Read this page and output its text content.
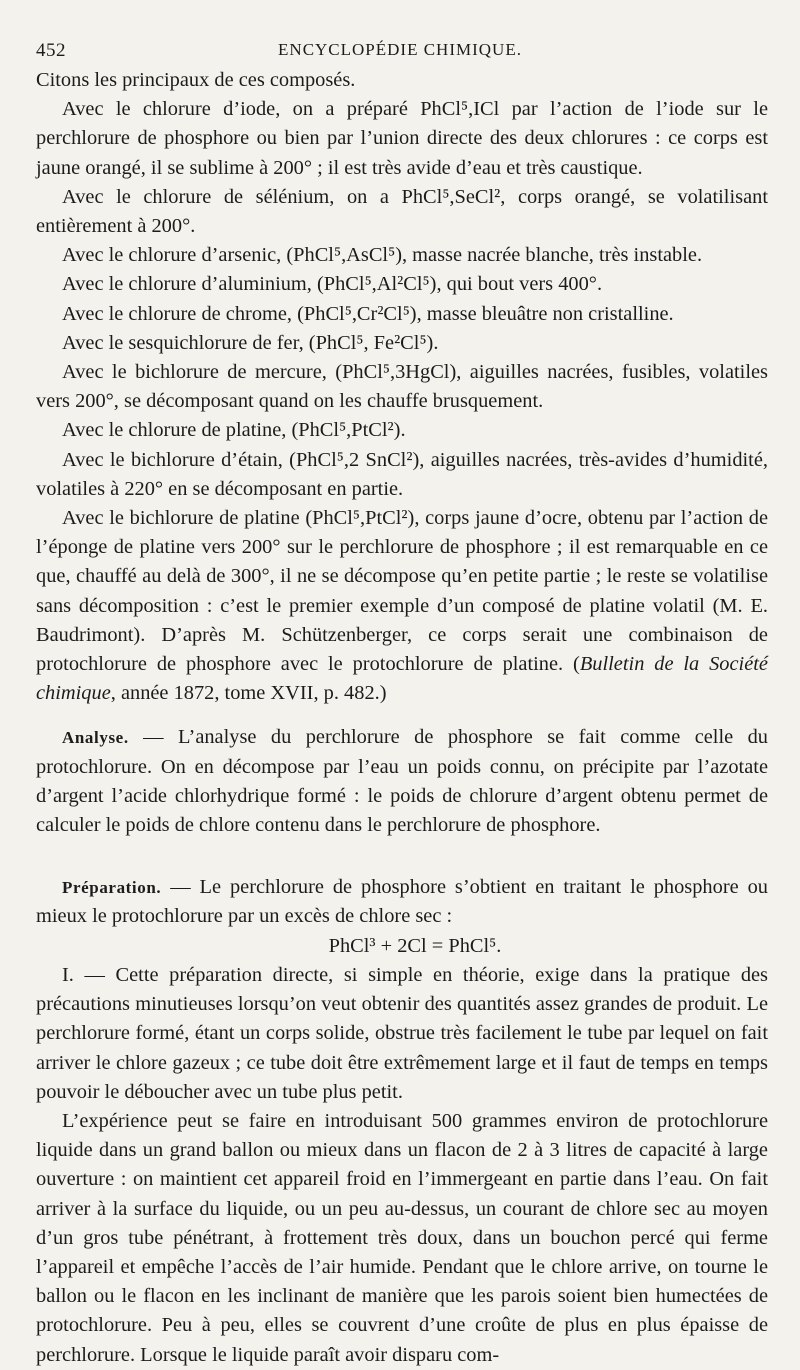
452	ENCYCLOPÉDIE CHIMIQUE.

Citons les principaux de ces composés.

Avec le chlorure d’iode, on a préparé PhCl⁵,ICl par l’action de l’iode sur le perchlorure de phosphore ou bien par l’union directe des deux chlorures : ce corps est jaune orangé, il se sublime à 200° ; il est très avide d’eau et très caustique.

Avec le chlorure de sélénium, on a PhCl⁵,SeCl², corps orangé, se volatilisant entièrement à 200°.

Avec le chlorure d’arsenic, (PhCl⁵,AsCl⁵), masse nacrée blanche, très instable.

Avec le chlorure d’aluminium, (PhCl⁵,Al²Cl⁵), qui bout vers 400°.

Avec le chlorure de chrome, (PhCl⁵,Cr²Cl⁵), masse bleuâtre non cristalline.

Avec le sesquichlorure de fer, (PhCl⁵, Fe²Cl⁵).

Avec le bichlorure de mercure, (PhCl⁵,3HgCl), aiguilles nacrées, fusibles, volatiles vers 200°, se décomposant quand on les chauffe brusquement.

Avec le chlorure de platine, (PhCl⁵,PtCl²).

Avec le bichlorure d’étain, (PhCl⁵,2 SnCl²), aiguilles nacrées, très-avides d’humidité, volatiles à 220° en se décomposant en partie.

Avec le bichlorure de platine (PhCl⁵,PtCl²), corps jaune d’ocre, obtenu par l’action de l’éponge de platine vers 200° sur le perchlorure de phosphore ; il est remarquable en ce que, chauffé au delà de 300°, il ne se décompose qu’en petite partie ; le reste se volatilise sans décomposition : c’est le premier exemple d’un composé de platine volatil (M. E. Baudrimont). D’après M. Schützenberger, ce corps serait une combinaison de protochlorure de phosphore avec le protochlorure de platine. (Bulletin de la Société chimique, année 1872, tome XVII, p. 482.)

Analyse. — L’analyse du perchlorure de phosphore se fait comme celle du protochlorure. On en décompose par l’eau un poids connu, on précipite par l’azotate d’argent l’acide chlorhydrique formé : le poids de chlorure d’argent obtenu permet de calculer le poids de chlore contenu dans le perchlorure de phosphore.

Préparation. — Le perchlorure de phosphore s’obtient en traitant le phosphore ou mieux le protochlorure par un excès de chlore sec :

PhCl³ + 2Cl = PhCl⁵.

I. — Cette préparation directe, si simple en théorie, exige dans la pratique des précautions minutieuses lorsqu’on veut obtenir des quantités assez grandes de produit. Le perchlorure formé, étant un corps solide, obstrue très facilement le tube par lequel on fait arriver le chlore gazeux ; ce tube doit être extrêmement large et il faut de temps en temps pouvoir le déboucher avec un tube plus petit.

L’expérience peut se faire en introduisant 500 grammes environ de protochlorure liquide dans un grand ballon ou mieux dans un flacon de 2 à 3 litres de capacité à large ouverture : on maintient cet appareil froid en l’immergeant en partie dans l’eau. On fait arriver à la surface du liquide, ou un peu au-dessus, un courant de chlore sec au moyen d’un gros tube pénétrant, à frottement très doux, dans un bouchon percé qui ferme l’appareil et empêche l’accès de l’air humide. Pendant que le chlore arrive, on tourne le ballon ou le flacon en les inclinant de manière que les parois soient bien humectées de protochlorure. Peu à peu, elles se couvrent d’une croûte de plus en plus épaisse de perchlorure. Lorsque le liquide paraît avoir disparu com-
